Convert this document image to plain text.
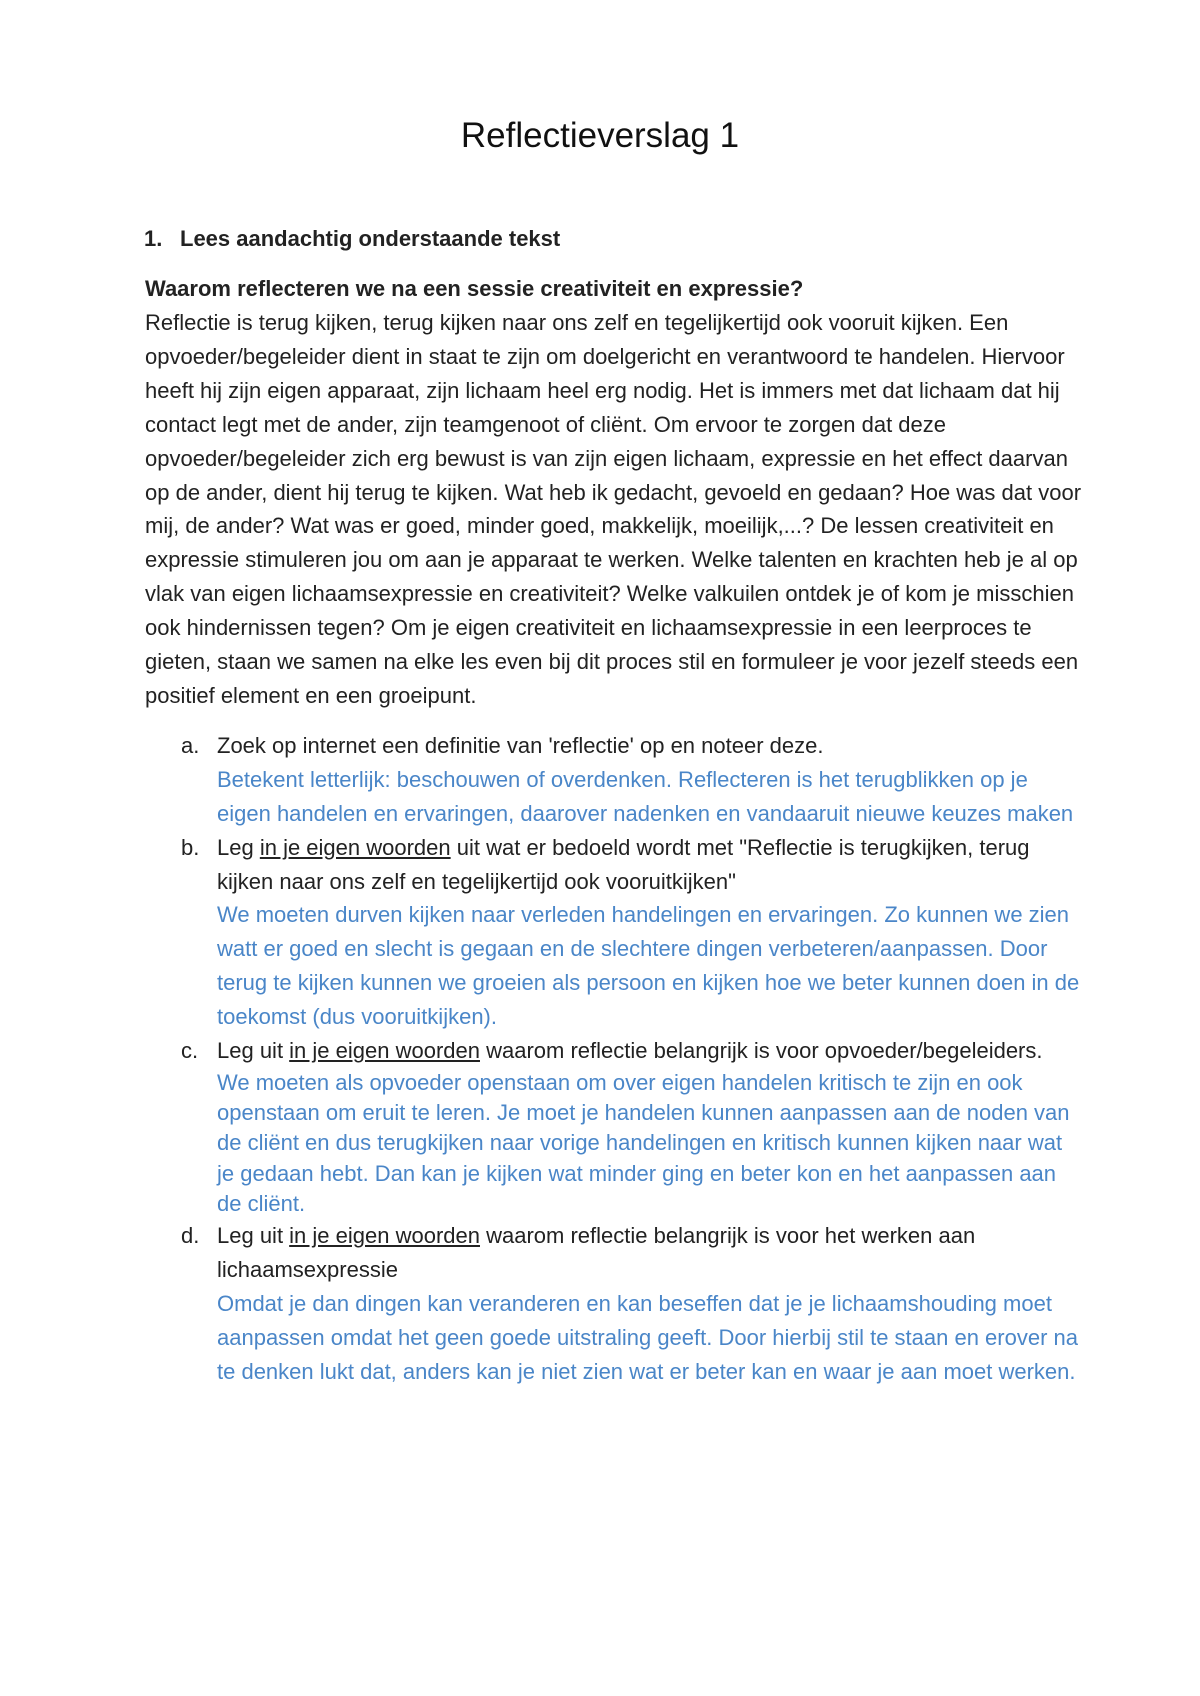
Reflectieverslag 1
1. Lees aandachtig onderstaande tekst

Waarom reflecteren we na een sessie creativiteit en expressie?

Reflectie is terug kijken, terug kijken naar ons zelf en tegelijkertijd ook vooruit kijken. Een opvoeder/begeleider dient in staat te zijn om doelgericht en verantwoord te handelen. Hiervoor heeft hij zijn eigen apparaat, zijn lichaam heel erg nodig. Het is immers met dat lichaam dat hij contact legt met de ander, zijn teamgenoot of cliënt. Om ervoor te zorgen dat deze opvoeder/begeleider zich erg bewust is van zijn eigen lichaam, expressie en het effect daarvan op de ander, dient hij terug te kijken. Wat heb ik gedacht, gevoeld en gedaan? Hoe was dat voor mij, de ander? Wat was er goed, minder goed, makkelijk, moeilijk,...? De lessen creativiteit en expressie stimuleren jou om aan je apparaat te werken. Welke talenten en krachten heb je al op vlak van eigen lichaamsexpressie en creativiteit? Welke valkuilen ontdek je of kom je misschien ook hindernissen tegen? Om je eigen creativiteit en lichaamsexpressie in een leerproces te gieten, staan we samen na elke les even bij dit proces stil en formuleer je voor jezelf steeds een positief element en een groeipunt.

a. Zoek op internet een definitie van 'reflectie' op en noteer deze.

Betekent letterlijk: beschouwen of overdenken. Reflecteren is het terugblikken op je eigen handelen en ervaringen, daarover nadenken en vandaaruit nieuwe keuzes maken

b. Leg in je eigen woorden uit wat er bedoeld wordt met "Reflectie is terugkijken, terug kijken naar ons zelf en tegelijkertijd ook vooruitkijken"

We moeten durven kijken naar verleden handelingen en ervaringen. Zo kunnen we zien watt er goed en slecht is gegaan en de slechtere dingen verbeteren/aanpassen. Door terug te kijken kunnen we groeien als persoon en kijken hoe we beter kunnen doen in de toekomst (dus vooruitkijken).

c. Leg uit in je eigen woorden waarom reflectie belangrijk is voor opvoeder/begeleiders.

We moeten als opvoeder openstaan om over eigen handelen kritisch te zijn en ook openstaan om eruit te leren. Je moet je handelen kunnen aanpassen aan de noden van de cliënt en dus terugkijken naar vorige handelingen en kritisch kunnen kijken naar wat je gedaan hebt. Dan kan je kijken wat minder ging en beter kon en het aanpassen aan de cliënt.

d. Leg uit in je eigen woorden waarom reflectie belangrijk is voor het werken aan lichaamsexpressie

Omdat je dan dingen kan veranderen en kan beseffen dat je je lichaamshouding moet aanpassen omdat het geen goede uitstraling geeft. Door hierbij stil te staan en erover na te denken lukt dat, anders kan je niet zien wat er beter kan en waar je aan moet werken.
